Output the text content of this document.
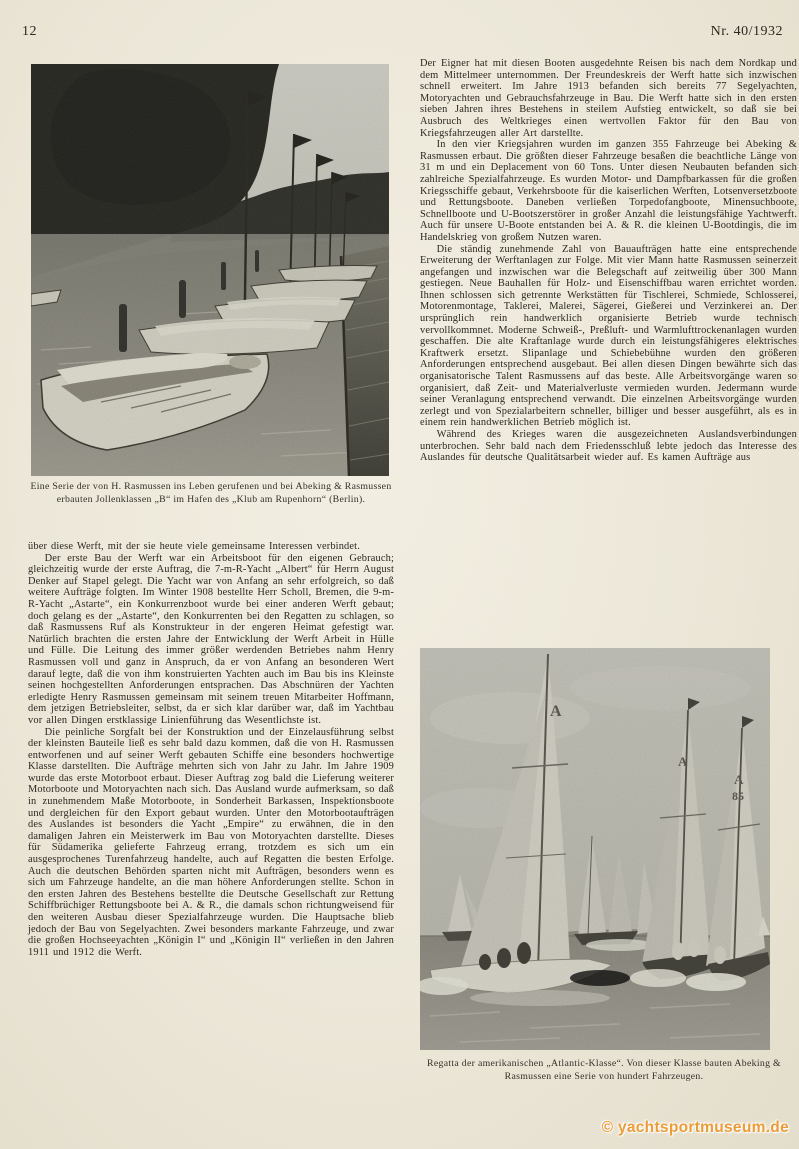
12	Nr. 40/1932
Eine Serie der von H. Rasmussen ins Leben gerufenen und bei Abeking & Rasmussen erbauten Jollenklassen „B“ im Hafen des „Klub am Rupenhorn“ (Berlin).

über diese Werft, mit der sie heute viele gemeinsame Interessen verbindet.

Der erste Bau der Werft war ein Arbeitsboot für den eigenen Gebrauch; gleichzeitig wurde der erste Auftrag, die 7-m-R-Yacht „Albert“ für Herrn August Denker auf Stapel gelegt. Die Yacht war von Anfang an sehr erfolgreich, so daß weitere Aufträge folgten. Im Winter 1908 bestellte Herr Scholl, Bremen, die 9-m-R-Yacht „Astarte“, ein Konkurrenzboot wurde bei einer anderen Werft gebaut; doch gelang es der „Astarte“, den Konkurrenten bei den Regatten zu schlagen, so daß Rasmussens Ruf als Konstrukteur in der engeren Heimat gefestigt war. Natürlich brachten die ersten Jahre der Entwicklung der Werft Arbeit in Hülle und Fülle. Die Leitung des immer größer werdenden Betriebes nahm Henry Rasmussen voll und ganz in Anspruch, da er von Anfang an besonderen Wert darauf legte, daß die von ihm konstruierten Yachten auch im Bau bis ins Kleinste seinen hochgestellten Anforderungen entsprachen. Das Abschnüren der Yachten erledigte Henry Rasmussen gemeinsam mit seinem treuen Mitarbeiter Hoffmann, dem jetzigen Betriebsleiter, selbst, da er sich klar darüber war, daß im Yachtbau vor allen Dingen erstklassige Linienführung das Wesentlichste ist.

Die peinliche Sorgfalt bei der Konstruktion und der Einzelausführung selbst der kleinsten Bauteile ließ es sehr bald dazu kommen, daß die von H. Rasmussen entworfenen und auf seiner Werft gebauten Schiffe eine besonders hochwertige Klasse darstellten. Die Aufträge mehrten sich von Jahr zu Jahr. Im Jahre 1909 wurde das erste Motorboot erbaut. Dieser Auftrag zog bald die Lieferung weiterer Motorboote und Motoryachten nach sich. Das Ausland wurde aufmerksam, so daß in zunehmendem Maße Motorboote, in Sonderheit Barkassen, Inspektionsboote und dergleichen für den Export gebaut wurden. Unter den Motorbootaufträgen des Auslandes ist besonders die Yacht „Empire“ zu erwähnen, die in den damaligen Jahren ein Meisterwerk im Bau von Motoryachten darstellte. Dieses für Südamerika gelieferte Fahrzeug errang, trotzdem es sich um ein ausgesprochenes Turenfahrzeug handelte, auch auf Regatten die besten Erfolge. Auch die deutschen Behörden sparten nicht mit Aufträgen, besonders wenn es sich um Fahrzeuge handelte, an die man höhere Anforderungen stellte. Schon in den ersten Jahren des Bestehens bestellte die Deutsche Gesellschaft zur Rettung Schiffbrüchiger Rettungsboote bei A. & R., die damals schon richtungweisend für den weiteren Ausbau dieser Spezialfahrzeuge wurden. Die Hauptsache blieb jedoch der Bau von Segelyachten. Zwei besonders markante Fahrzeuge, und zwar die großen Hochseeyachten „Königin I“ und „Königin II“ verließen in den Jahren 1911 und 1912 die Werft.

Der Eigner hat mit diesen Booten ausgedehnte Reisen bis nach dem Nordkap und dem Mittelmeer unternommen. Der Freundeskreis der Werft hatte sich inzwischen schnell erweitert. Im Jahre 1913 befanden sich bereits 77 Segelyachten, Motoryachten und Gebrauchsfahrzeuge in Bau. Die Werft hatte sich in den ersten sieben Jahren ihres Bestehens in steilem Aufstieg entwickelt, so daß sie bei Ausbruch des Weltkrieges einen wertvollen Faktor für den Bau von Kriegsfahrzeugen aller Art darstellte.

In den vier Kriegsjahren wurden im ganzen 355 Fahrzeuge bei Abeking & Rasmussen erbaut. Die größten dieser Fahrzeuge besaßen die beachtliche Länge von 31 m und ein Deplacement von 60 Tons. Unter diesen Neubauten befanden sich zahlreiche Spezialfahrzeuge. Es wurden Motor- und Dampfbarkassen für die großen Kriegsschiffe gebaut, Verkehrsboote für die kaiserlichen Werften, Lotsenversetzboote und Rettungsboote. Daneben verließen Torpedofangboote, Minensuchboote, Schnellboote und U-Bootszerstörer in großer Anzahl die leistungsfähige Yachtwerft. Auch für unsere U-Boote entstanden bei A. & R. die kleinen U-Bootdingis, die im Handelskrieg von großem Nutzen waren.

Die ständig zunehmende Zahl von Bauaufträgen hatte eine entsprechende Erweiterung der Werftanlagen zur Folge. Mit vier Mann hatte Rasmussen seinerzeit angefangen und inzwischen war die Belegschaft auf zeitweilig über 300 Mann gestiegen. Neue Bauhallen für Holz- und Eisenschiffbau waren errichtet worden. Ihnen schlossen sich getrennte Werkstätten für Tischlerei, Schmiede, Schlosserei, Motorenmontage, Taklerei, Malerei, Sägerei, Gießerei und Verzinkerei an. Der ursprünglich rein handwerklich organisierte Betrieb wurde technisch vervollkommnet. Moderne Schweiß-, Preßluft- und Warmlufttrockenanlagen wurden geschaffen. Die alte Kraftanlage wurde durch ein leistungsfähigeres elektrisches Kraftwerk ersetzt. Slipanlage und Schiebebühne wurden den größeren Anforderungen entsprechend ausgebaut. Bei allen diesen Dingen bewährte sich das organisatorische Talent Rasmussens auf das beste. Alle Arbeitsvorgänge waren so organisiert, daß Zeit- und Materialverluste vermieden wurden. Jedermann wurde seiner Veranlagung entsprechend verwandt. Die einzelnen Arbeitsvorgänge wurden zerlegt und von Spezialarbeitern schneller, billiger und besser ausgeführt, als es in einem rein handwerklichen Betrieb möglich ist.

Während des Krieges waren die ausgezeichneten Auslandsverbindungen unterbrochen. Sehr bald nach dem Friedensschluß lebte jedoch das Interesse des Auslandes für deutsche Qualitätsarbeit wieder auf. Es kamen Aufträge aus

A
A
A
85
Regatta der amerikanischen „Atlantic-Klasse“. Von dieser Klasse bauten Abeking & Rasmussen eine Serie von hundert Fahrzeugen.
© yachtsportmuseum.de
